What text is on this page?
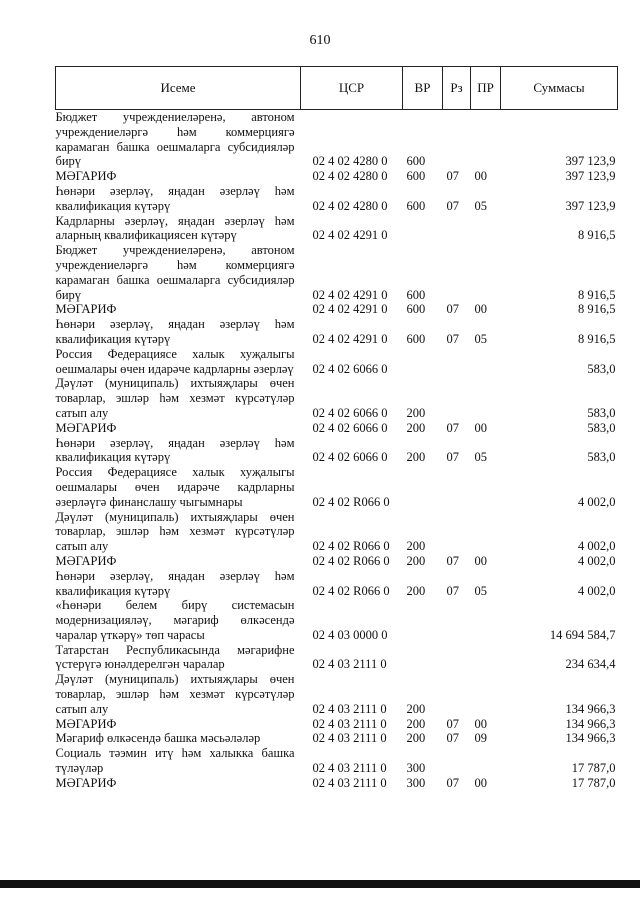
610
Исеме	ЦСР	ВР	Рз	ПР	Суммасы
Бюджет учреждениеләренә, автоном учреждениеләргә һәм коммерциягә карамаган башка оешмаларга субсидияләр бирү	02 4 02 4280 0	600			397 123,9
МӘГАРИФ	02 4 02 4280 0	600	07	00	397 123,9
Һөнәри әзерләү, яңадан әзерләү һәм квалификация күтәрү	02 4 02 4280 0	600	07	05	397 123,9
Кадрларны әзерләү, яңадан әзерләү һәм аларның квалификациясен күтәрү	02 4 02 4291 0				8 916,5
Бюджет учреждениеләренә, автоном учреждениеләргә һәм коммерциягә карамаган башка оешмаларга субсидияләр бирү	02 4 02 4291 0	600			8 916,5
МӘГАРИФ	02 4 02 4291 0	600	07	00	8 916,5
Һөнәри әзерләү, яңадан әзерләү һәм квалификация күтәрү	02 4 02 4291 0	600	07	05	8 916,5
Россия Федерациясе халык хуҗалыгы оешмалары өчен идарәче кадрларны әзерләү	02 4 02 6066 0				583,0
Дәүләт (муниципаль) ихтыяҗлары өчен товарлар, эшләр һәм хезмәт күрсәтүләр сатып алу	02 4 02 6066 0	200			583,0
МӘГАРИФ	02 4 02 6066 0	200	07	00	583,0
Һөнәри әзерләү, яңадан әзерләү һәм квалификация күтәрү	02 4 02 6066 0	200	07	05	583,0
Россия Федерациясе халык хуҗалыгы оешмалары өчен идарәче кадрларны әзерләүгә финанслашу чыгымнары	02 4 02 R066 0				4 002,0
Дәүләт (муниципаль) ихтыяҗлары өчен товарлар, эшләр һәм хезмәт күрсәтүләр сатып алу	02 4 02 R066 0	200			4 002,0
МӘГАРИФ	02 4 02 R066 0	200	07	00	4 002,0
Һөнәри әзерләү, яңадан әзерләү һәм квалификация күтәрү	02 4 02 R066 0	200	07	05	4 002,0
«Һөнәри белем бирү системасын модернизацияләү, мәгариф өлкәсендә чаралар үткәрү» төп чарасы	02 4 03 0000 0				14 694 584,7
Татарстан Республикасында мәгарифне үстерүгә юнәлдерелгән чаралар	02 4 03 2111 0				234 634,4
Дәүләт (муниципаль) ихтыяҗлары өчен товарлар, эшләр һәм хезмәт күрсәтүләр сатып алу	02 4 03 2111 0	200			134 966,3
МӘГАРИФ	02 4 03 2111 0	200	07	00	134 966,3
Мәгариф өлкәсендә башка мәсьәләләр	02 4 03 2111 0	200	07	09	134 966,3
Социаль тәэмин итү һәм халыкка башка түләүләр	02 4 03 2111 0	300			17 787,0
МӘГАРИФ	02 4 03 2111 0	300	07	00	17 787,0
